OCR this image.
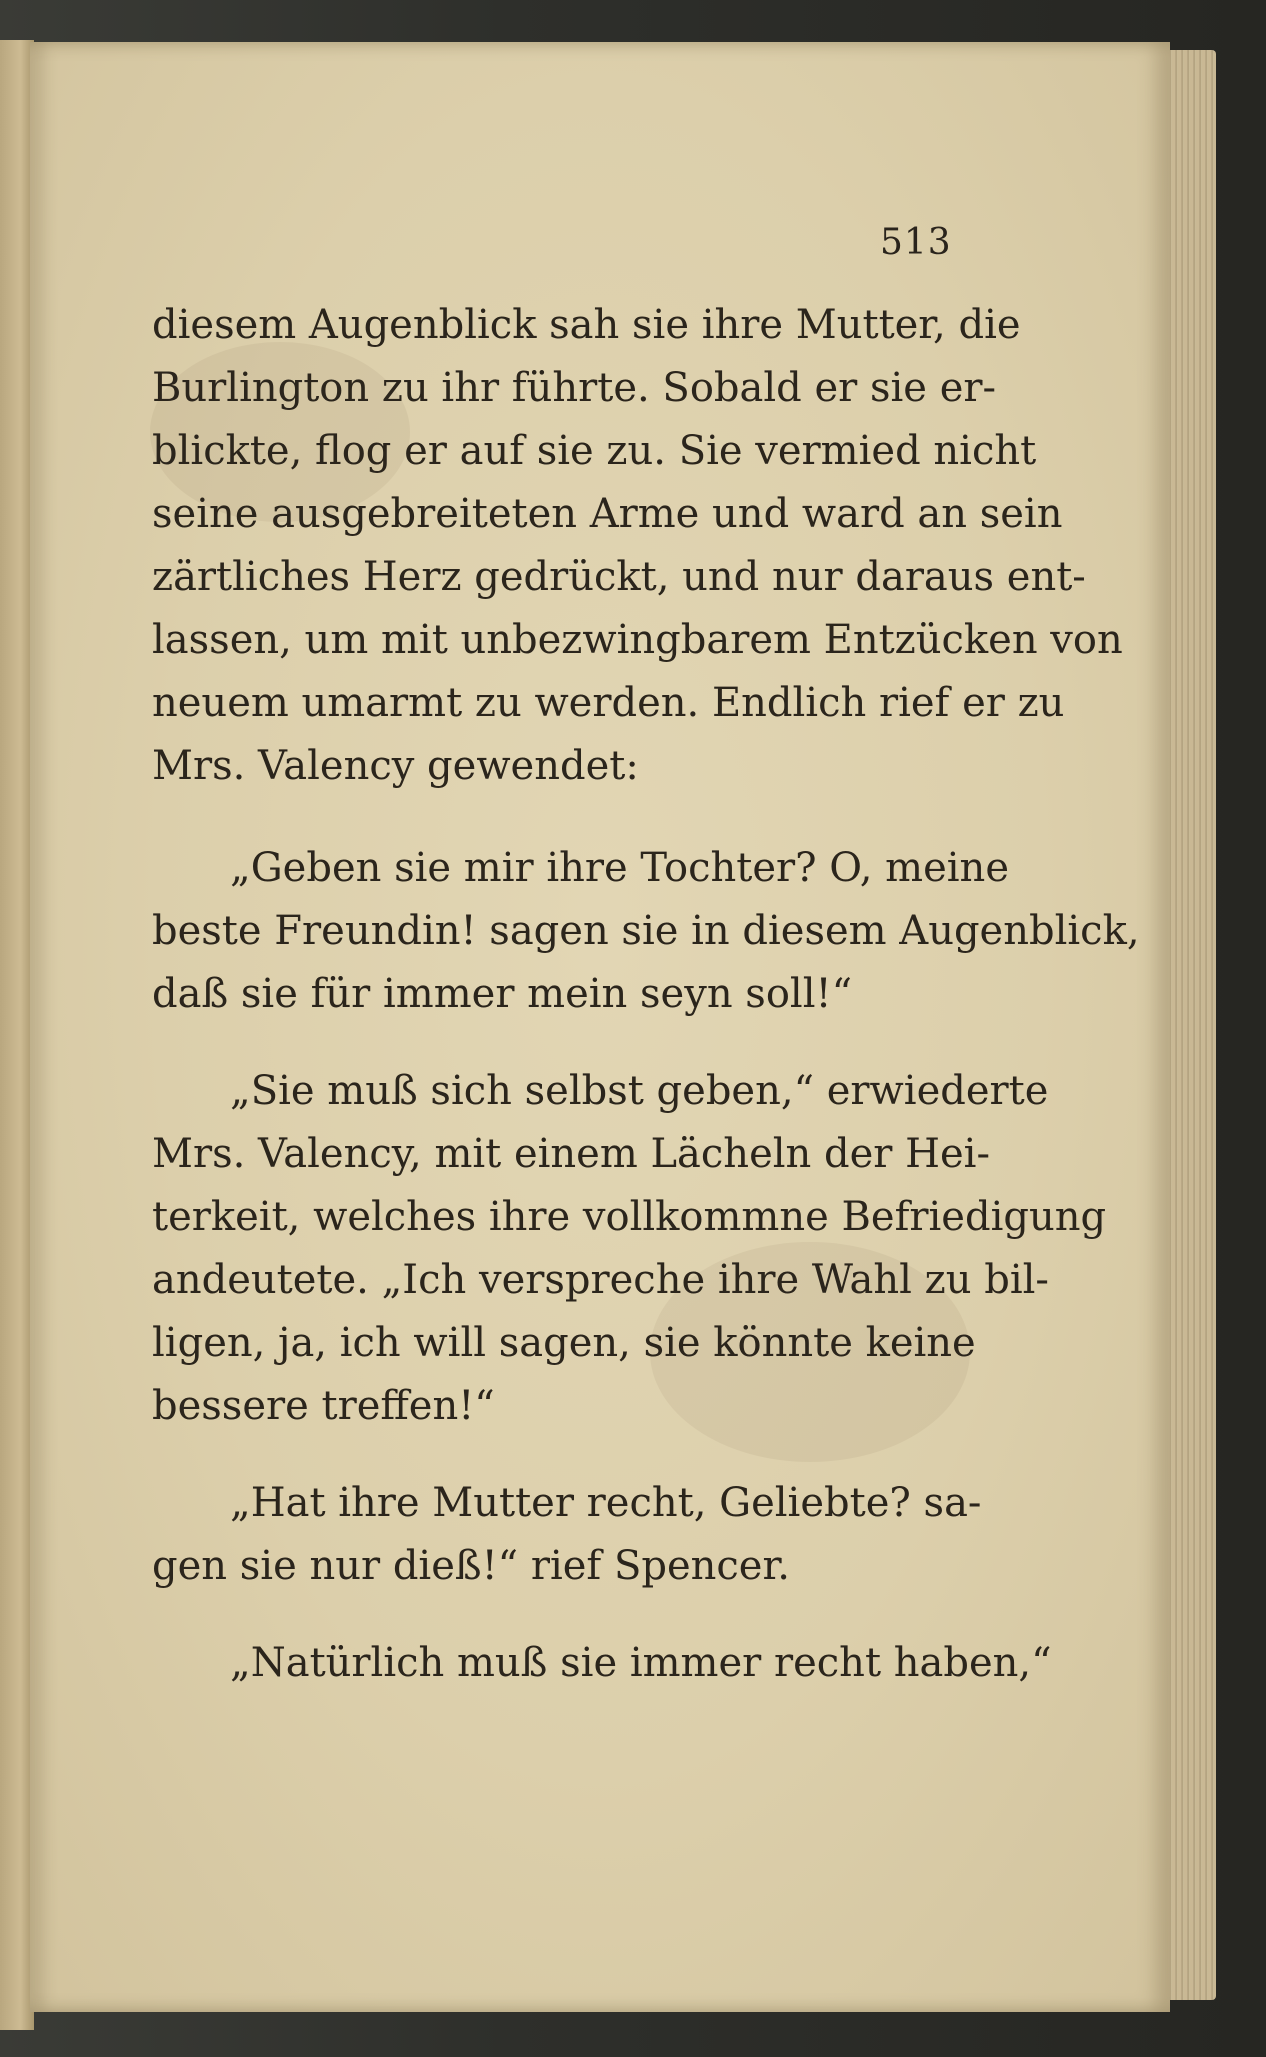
513
diesem Augenblick sah sie ihre Mutter, die
Burlington zu ihr führte. Sobald er sie er-
blickte, flog er auf sie zu. Sie vermied nicht
seine ausgebreiteten Arme und ward an sein
zärtliches Herz gedrückt, und nur daraus ent-
lassen, um mit unbezwingbarem Entzücken von
neuem umarmt zu werden. Endlich rief er zu
Mrs. Valency gewendet:
„Geben sie mir ihre Tochter? O, meine
beste Freundin! sagen sie in diesem Augenblick,
daß sie für immer mein seyn soll!“
„Sie muß sich selbst geben,“ erwiederte
Mrs. Valency, mit einem Lächeln der Hei-
terkeit, welches ihre vollkommne Befriedigung
andeutete. „Ich verspreche ihre Wahl zu bil-
ligen, ja, ich will sagen, sie könnte keine
bessere treffen!“
„Hat ihre Mutter recht, Geliebte? sa-
gen sie nur dieß!“ rief Spencer.
„Natürlich muß sie immer recht haben,“
